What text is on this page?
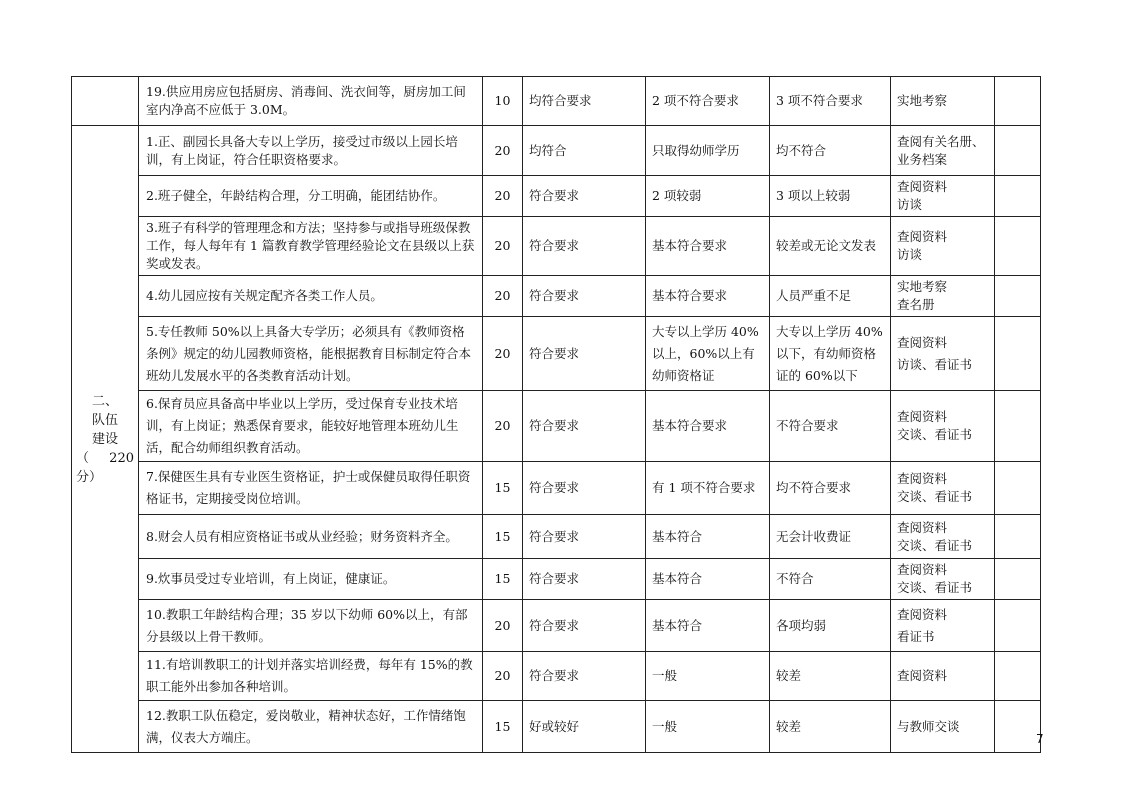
	19.供应用房应包括厨房、消毒间、洗衣间等，厨房加工间室内净高不应低于 3.0M。	10	均符合要求	2 项不符合要求	3 项不符合要求	实地考察	

二、
队伍
建设
（　220
分）	1.正、副园长具备大专以上学历，接受过市级以上园长培训，有上岗证，符合任职资格要求。	20	均符合	只取得幼师学历	均不符合	查阅有关名册、
业务档案	

	2.班子健全，年龄结构合理，分工明确，能团结协作。	20	符合要求	2 项较弱	3 项以上较弱	查阅资料
访谈	

	3.班子有科学的管理理念和方法；坚持参与或指导班级保教工作，每人每年有 1 篇教育教学管理经验论文在县级以上获奖或发表。	20	符合要求	基本符合要求	较差或无论文发表	查阅资料
访谈	

	4.幼儿园应按有关规定配齐各类工作人员。	20	符合要求	基本符合要求	人员严重不足	实地考察
查名册	

	5.专任教师 50%以上具备大专学历；必须具有《教师资格条例》规定的幼儿园教师资格，能根据教育目标制定符合本班幼儿发展水平的各类教育活动计划。	20	符合要求	大专以上学历 40%以上，60%以上有幼师资格证	大专以上学历 40%以下，有幼师资格证的 60%以下	查阅资料
访谈、看证书	

	6.保育员应具备高中毕业以上学历，受过保育专业技术培训，有上岗证；熟悉保育要求，能较好地管理本班幼儿生活，配合幼师组织教育活动。	20	符合要求	基本符合要求	不符合要求	查阅资料
交谈、看证书	

	7.保健医生具有专业医生资格证，护士或保健员取得任职资格证书，定期接受岗位培训。	15	符合要求	有 1 项不符合要求	均不符合要求	查阅资料
交谈、看证书	

	8.财会人员有相应资格证书或从业经验；财务资料齐全。	15	符合要求	基本符合	无会计收费证	查阅资料
交谈、看证书	

	9.炊事员受过专业培训，有上岗证，健康证。	15	符合要求	基本符合	不符合	查阅资料
交谈、看证书	

	10.教职工年龄结构合理；35 岁以下幼师 60%以上，有部分县级以上骨干教师。	20	符合要求	基本符合	各项均弱	查阅资料
看证书	

	11.有培训教职工的计划并落实培训经费，每年有 15%的教职工能外出参加各种培训。	20	符合要求	一般	较差	查阅资料	

	12.教职工队伍稳定，爱岗敬业，精神状态好，工作情绪饱满，仪表大方端庄。	15	好或较好	一般	较差	与教师交谈	

7
